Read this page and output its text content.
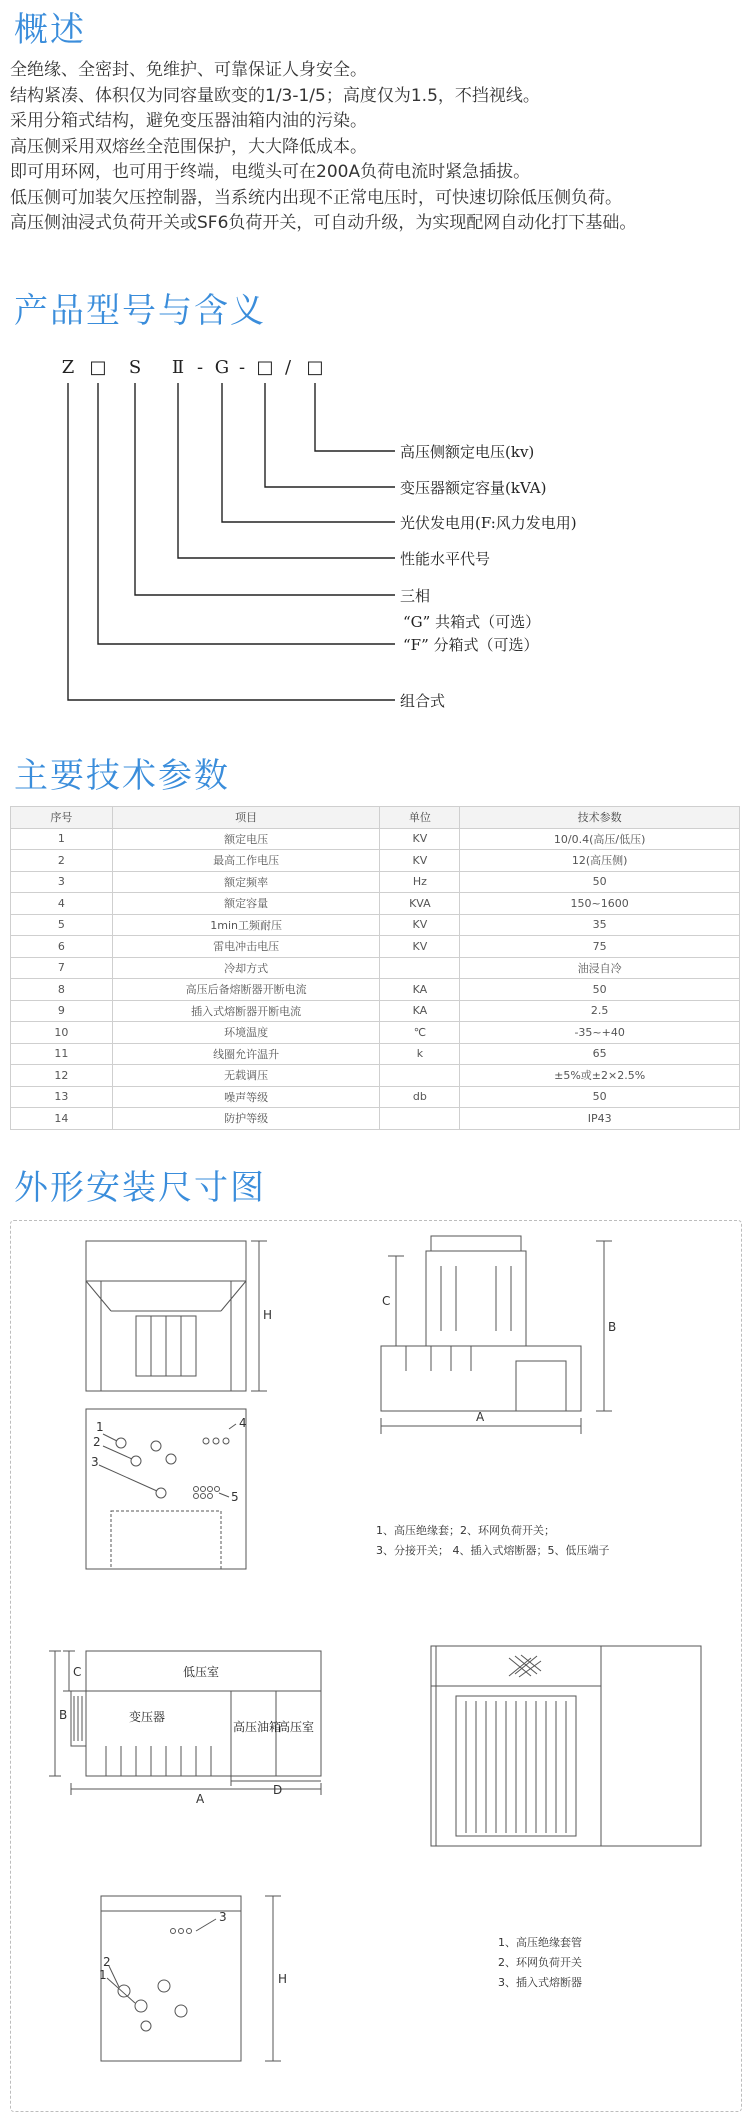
概述
全绝缘、全密封、免维护、可靠保证人身安全。
结构紧凑、体积仅为同容量欧变的1/3-1/5；高度仅为1.5，不挡视线。
采用分箱式结构，避免变压器油箱内油的污染。
高压侧采用双熔丝全范围保护，大大降低成本。
即可用环网，也可用于终端，电缆头可在200A负荷电流时紧急插拔。
低压侧可加装欠压控制器，当系统内出现不正常电压时，可快速切除低压侧负荷。
高压侧油浸式负荷开关或SF6负荷开关，可自动升级，为实现配网自动化打下基础。
产品型号与含义
Z □ S Ⅱ - G - □ / □
高压侧额定电压(kv)
变压器额定容量(kVA)
光伏发电用(F:风力发电用)
性能水平代号
三相
“G” 共箱式（可选）
“F” 分箱式（可选）
组合式
主要技术参数
序号	项目	单位	技术参数
1	额定电压	KV	10/0.4(高压/低压)
2	最高工作电压	KV	12(高压侧)
3	额定频率	Hz	50
4	额定容量	KVA	150~1600
5	1min工频耐压	KV	35
6	雷电冲击电压	KV	75
7	冷却方式		油浸自冷
8	高压后备熔断器开断电流	KA	50
9	插入式熔断器开断电流	KA	2.5
10	环境温度	℃	-35~+40
11	线圈允许温升	k	65
12	无载调压		±5%或±2×2.5%
13	噪声等级	db	50
14	防护等级		IP43
外形安装尺寸图
H
1
2
3
4
5
C
B
A
C
B
A
D
3
2
1	H
低压室
变压器
高压油箱
高压室
1、高压绝缘套；2、环网负荷开关；
3、分接开关； 4、插入式熔断器；5、低压端子
1、高压绝缘套管
2、环网负荷开关
3、插入式熔断器
